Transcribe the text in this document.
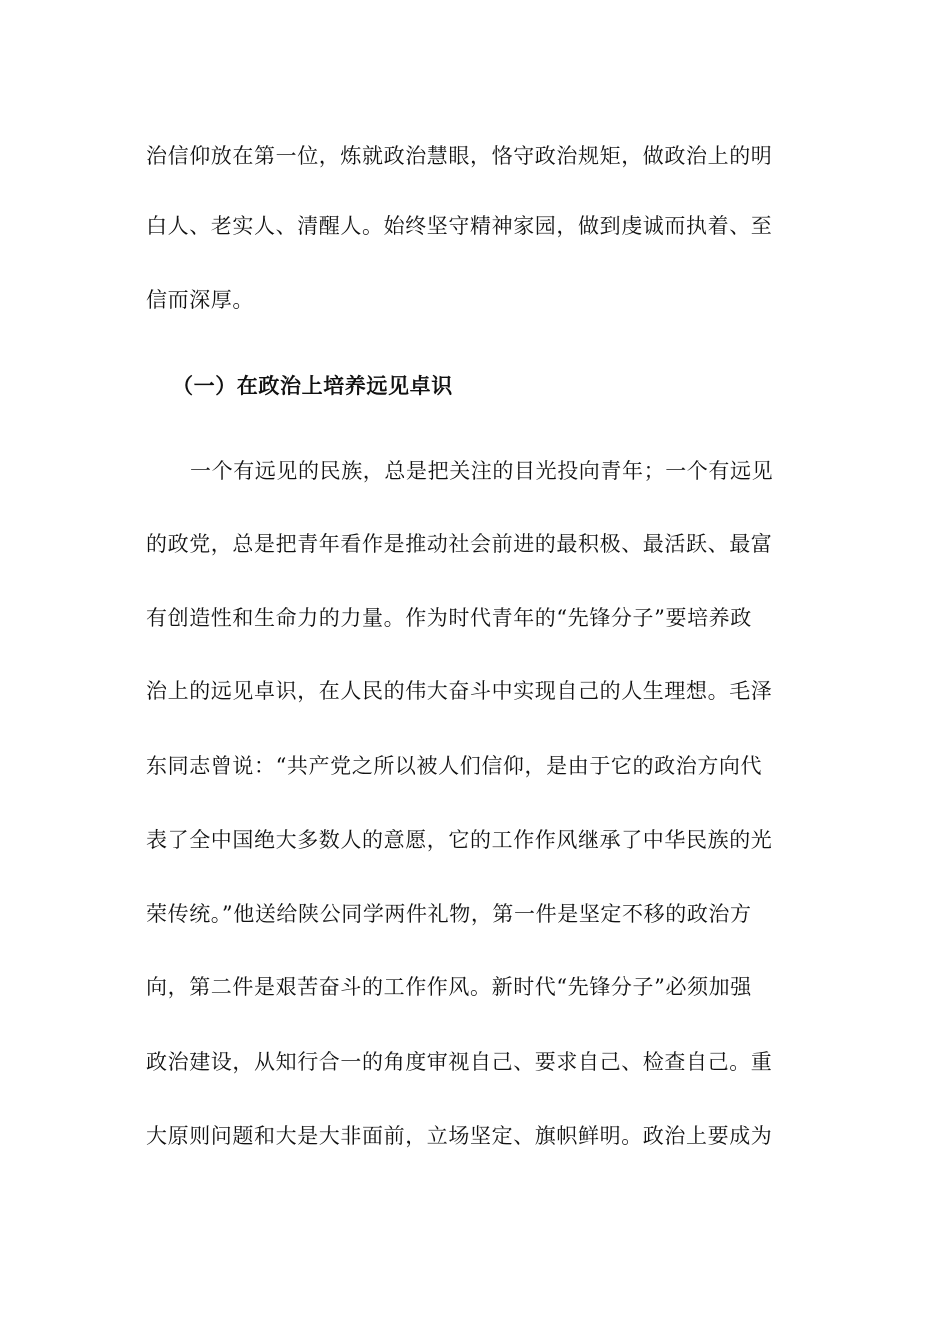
治信仰放在第一位，炼就政治慧眼，恪守政治规矩，做政治上的明
白人、老实人、清醒人。始终坚守精神家园，做到虔诚而执着、至
信而深厚。
（一）在政治上培养远见卓识
一个有远见的民族，总是把关注的目光投向青年；一个有远见
的政党，总是把青年看作是推动社会前进的最积极、最活跃、最富
有创造性和生命力的力量。作为时代青年的“先锋分子”要培养政
治上的远见卓识，在人民的伟大奋斗中实现自己的人生理想。毛泽
东同志曾说：“共产党之所以被人们信仰，是由于它的政治方向代
表了全中国绝大多数人的意愿，它的工作作风继承了中华民族的光
荣传统。”他送给陕公同学两件礼物，第一件是坚定不移的政治方
向，第二件是艰苦奋斗的工作作风。新时代“先锋分子”必须加强
政治建设，从知行合一的角度审视自己、要求自己、检查自己。重
大原则问题和大是大非面前，立场坚定、旗帜鲜明。政治上要成为
